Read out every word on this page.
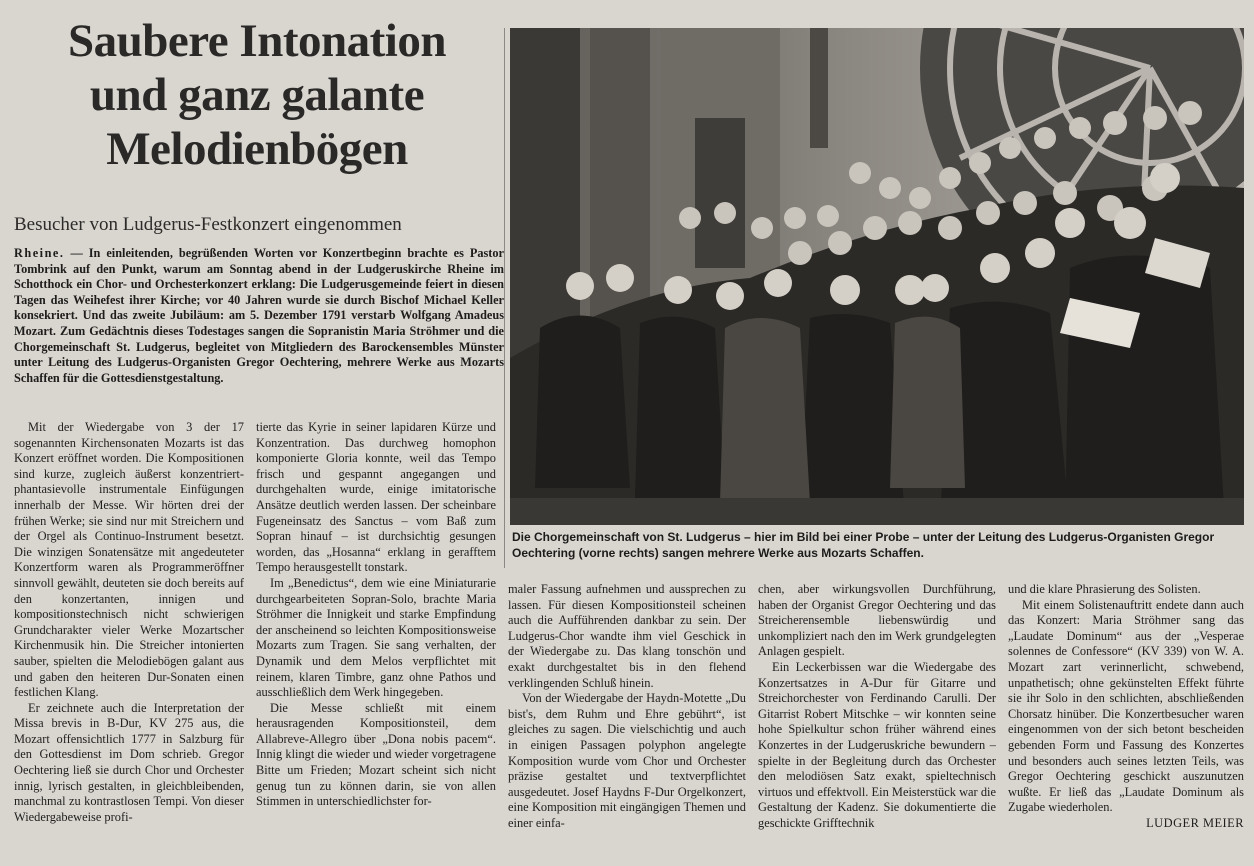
Saubere Intonation
und ganz galante
Melodienbögen
Besucher von Ludgerus-Festkonzert eingenommen
Rheine. — In einleitenden, begrüßenden Worten vor Konzertbeginn brachte es Pastor Tombrink auf den Punkt, warum am Sonntag abend in der Ludgeruskirche Rheine im Schotthock ein Chor- und Orchesterkonzert erklang: Die Ludgerusgemeinde feiert in diesen Tagen das Weihefest ihrer Kirche; vor 40 Jahren wurde sie durch Bischof Michael Keller konsekriert. Und das zweite Jubiläum: am 5. Dezember 1791 verstarb Wolfgang Amadeus Mozart. Zum Gedächtnis dieses Todestages sangen die Sopranistin Maria Ströhmer und die Chorgemeinschaft St. Ludgerus, begleitet von Mitgliedern des Barockensembles Münster unter Leitung des Ludgerus-Organisten Gregor Oechtering, mehrere Werke aus Mozarts Schaffen für die Gottesdienstgestaltung.
Die Chorgemeinschaft von St. Ludgerus – hier im Bild bei einer Probe – unter der Leitung des Ludgerus-Organisten Gregor Oechtering (vorne rechts) sangen mehrere Werke aus Mozarts Schaffen.

Mit der Wiedergabe von 3 der 17 sogenannten Kirchensonaten Mozarts ist das Konzert eröffnet worden. Die Kompositionen sind kurze, zugleich äußerst konzentriert-phantasievolle instrumentale Einfügungen innerhalb der Messe. Wir hörten drei der frühen Werke; sie sind nur mit Streichern und der Orgel als Continuo-Instrument besetzt. Die winzigen Sonatensätze mit angedeuteter Konzertform waren als Programmeröffner sinnvoll gewählt, deuteten sie doch bereits auf den konzertanten, innigen und kompositionstechnisch nicht schwierigen Grundcharakter vieler Werke Mozartscher Kirchenmusik hin. Die Streicher intonierten sauber, spielten die Melodiebögen galant aus und gaben den heiteren Dur-Sonaten einen festlichen Klang.

Er zeichnete auch die Interpretation der Missa brevis in B-Dur, KV 275 aus, die Mozart offensichtlich 1777 in Salzburg für den Gottesdienst im Dom schrieb. Gregor Oechtering ließ sie durch Chor und Orchester innig, lyrisch gestalten, in gleichbleibenden, manchmal zu kontrastlosen Tempi. Von dieser Wiedergabeweise profi-

tierte das Kyrie in seiner lapidaren Kürze und Konzentration. Das durchweg homophon komponierte Gloria konnte, weil das Tempo frisch und gespannt angegangen und durchgehalten wurde, einige imitatorische Ansätze deutlich werden lassen. Der scheinbare Fugeneinsatz des Sanctus – vom Baß zum Sopran hinauf – ist durchsichtig gesungen worden, das „Hosanna“ erklang in gerafftem Tempo herausgestellt tonstark.

Im „Benedictus“, dem wie eine Miniaturarie durchgearbeiteten Sopran-Solo, brachte Maria Ströhmer die Innigkeit und starke Empfindung der anscheinend so leichten Kompositionsweise Mozarts zum Tragen. Sie sang verhalten, der Dynamik und dem Melos verpflichtet mit reinem, klaren Timbre, ganz ohne Pathos und ausschließlich dem Werk hingegeben.

Die Messe schließt mit einem herausragenden Kompositionsteil, dem Allabreve-Allegro über „Dona nobis pacem“. Innig klingt die wieder und wieder vorgetragene Bitte um Frieden; Mozart scheint sich nicht genug tun zu können darin, sie von allen Stimmen in unterschiedlichster for-

maler Fassung aufnehmen und aussprechen zu lassen. Für diesen Kompositionsteil scheinen auch die Aufführenden dankbar zu sein. Der Ludgerus-Chor wandte ihm viel Geschick in der Wiedergabe zu. Das klang tonschön und exakt durchgestaltet bis in den flehend verklingenden Schluß hinein.

Von der Wiedergabe der Haydn-Motette „Du bist's, dem Ruhm und Ehre gebührt“, ist gleiches zu sagen. Die vielschichtig und auch in einigen Passagen polyphon angelegte Komposition wurde vom Chor und Orchester präzise gestaltet und textverpflichtet ausgedeutet. Josef Haydns F-Dur Orgelkonzert, eine Komposition mit eingängigen Themen und einer einfa-

chen, aber wirkungsvollen Durchführung, haben der Organist Gregor Oechtering und das Streicherensemble liebenswürdig und unkompliziert nach den im Werk grundgelegten Anlagen gespielt.

Ein Leckerbissen war die Wiedergabe des Konzertsatzes in A-Dur für Gitarre und Streichorchester von Ferdinando Carulli. Der Gitarrist Robert Mitschke – wir konnten seine hohe Spielkultur schon früher während eines Konzertes in der Ludgeruskriche bewundern – spielte in der Begleitung durch das Orchester den melodiösen Satz exakt, spieltechnisch virtuos und effektvoll. Ein Meisterstück war die Gestaltung der Kadenz. Sie dokumentierte die geschickte Grifftechnik

und die klare Phrasierung des Solisten.

Mit einem Solistenauftritt endete dann auch das Konzert: Maria Ströhmer sang das „Laudate Dominum“ aus der „Vesperae solennes de Confessore“ (KV 339) von W. A. Mozart zart verinnerlicht, schwebend, unpathetisch; ohne gekünstelten Effekt führte sie ihr Solo in den schlichten, abschließenden Chorsatz hinüber. Die Konzertbesucher waren eingenommen von der sich betont bescheiden gebenden Form und Fassung des Konzertes und besonders auch seines letzten Teils, was Gregor Oechtering geschickt auszunutzen wußte. Er ließ das „Laudate Dominum als Zugabe wiederholen.

LUDGER MEIER
